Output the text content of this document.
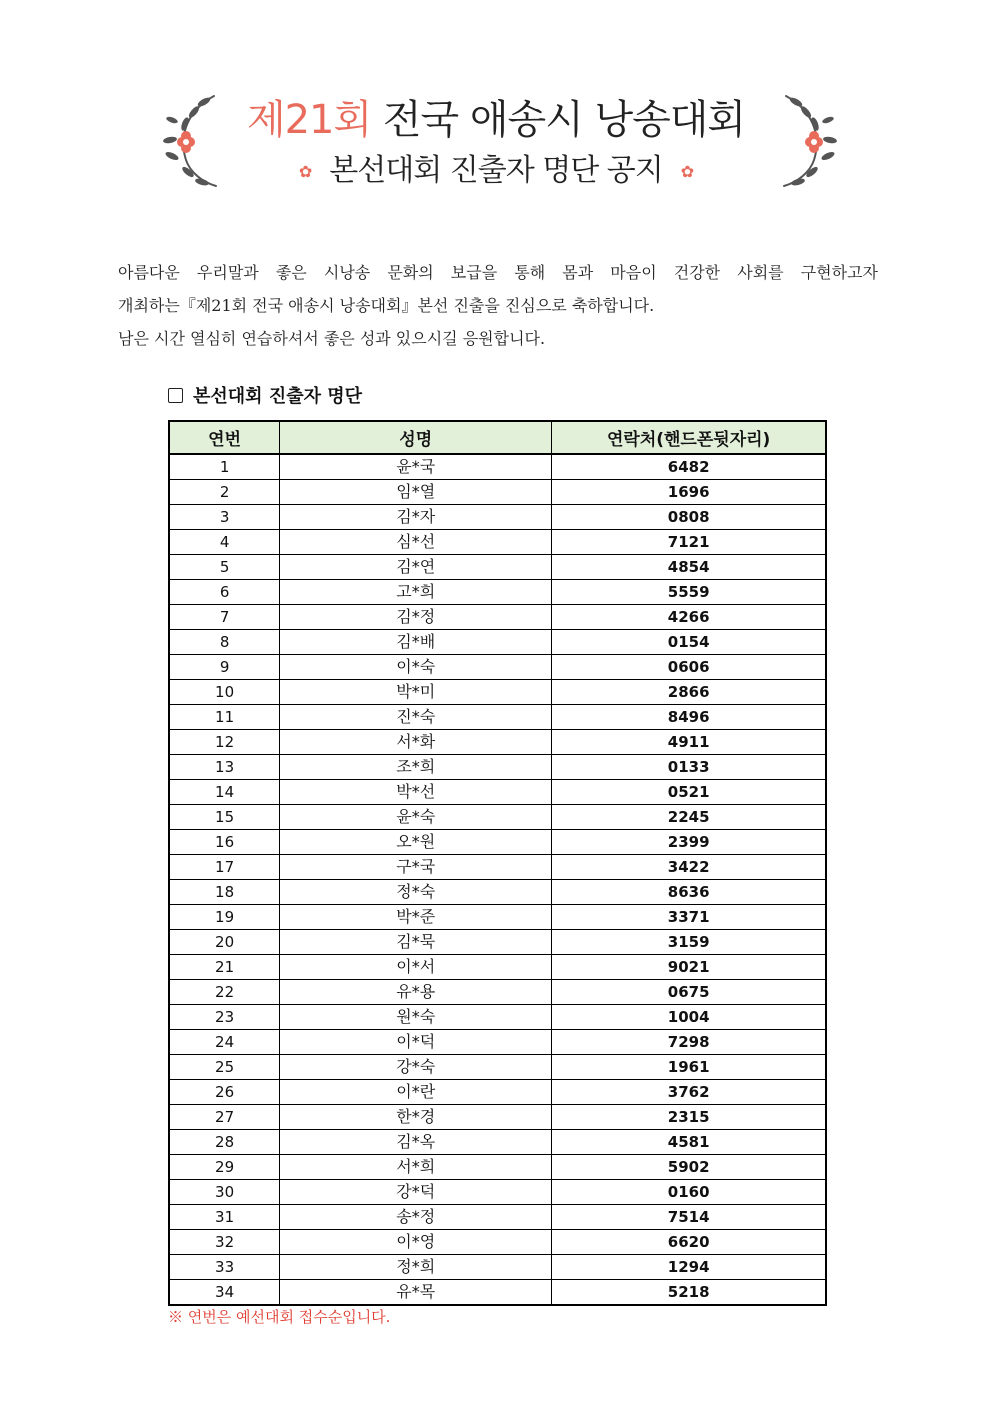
제21회 전국 애송시 낭송대회
✿ 본선대회 진출자 명단 공지 ✿

아름다운 우리말과 좋은 시낭송 문화의 보급을 통해 몸과 마음이 건강한 사회를 구현하고자

개최하는『제21회 전국 애송시 낭송대회』본선 진출을 진심으로 축하합니다.

남은 시간 열심히 연습하셔서 좋은 성과 있으시길 응원합니다.

본선대회 진출자 명단
연번	성명	연락처(핸드폰뒷자리)
1	윤*국	6482
2	임*열	1696
3	김*자	0808
4	심*선	7121
5	김*연	4854
6	고*희	5559
7	김*정	4266
8	김*배	0154
9	이*숙	0606
10	박*미	2866
11	진*숙	8496
12	서*화	4911
13	조*희	0133
14	박*선	0521
15	윤*숙	2245
16	오*원	2399
17	구*국	3422
18	정*숙	8636
19	박*준	3371
20	김*묵	3159
21	이*서	9021
22	유*용	0675
23	원*숙	1004
24	이*덕	7298
25	강*숙	1961
26	이*란	3762
27	한*경	2315
28	김*옥	4581
29	서*희	5902
30	강*덕	0160
31	송*정	7514
32	이*영	6620
33	정*희	1294
34	유*목	5218
※ 연번은 예선대회 접수순입니다.
